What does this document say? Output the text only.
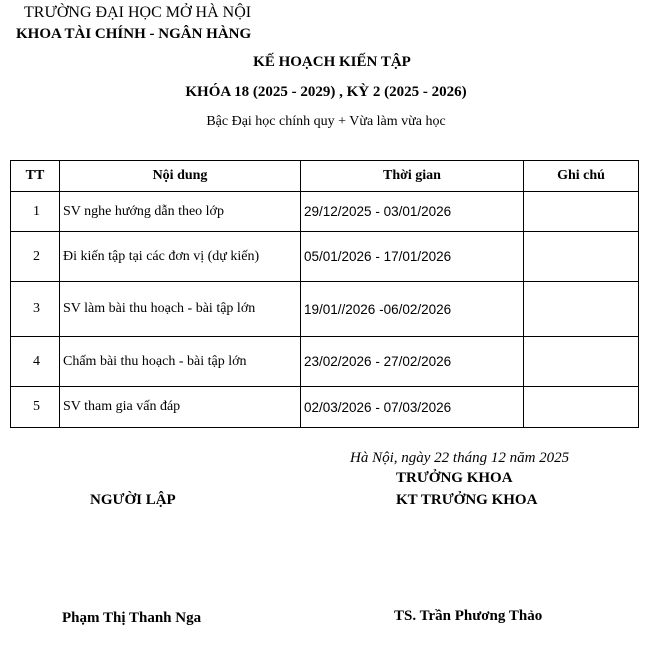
TRƯỜNG ĐẠI HỌC MỞ HÀ NỘI
KHOA TÀI CHÍNH - NGÂN HÀNG
KẾ HOẠCH KIẾN TẬP
KHÓA 18 (2025 - 2029) , KỲ 2 (2025 - 2026)
Bậc Đại học chính quy + Vừa làm vừa học
TT	Nội dung	Thời gian	Ghi chú
1	SV nghe hướng dẫn theo lớp	29/12/2025 - 03/01/2026	
2	Đi kiến tập tại các đơn vị (dự kiến)	05/01/2026 - 17/01/2026	
3	SV làm bài thu hoạch - bài tập lớn	19/01//2026 -06/02/2026	
4	Chấm bài thu hoạch - bài tập lớn	23/02/2026 - 27/02/2026	
5	SV tham gia vấn đáp	02/03/2026 - 07/03/2026	
Hà Nội, ngày 22 tháng 12 năm 2025
TRƯỞNG KHOA
NGƯỜI LẬP	KT TRƯỞNG KHOA
Phạm Thị Thanh Nga	TS. Trần Phương Thảo
